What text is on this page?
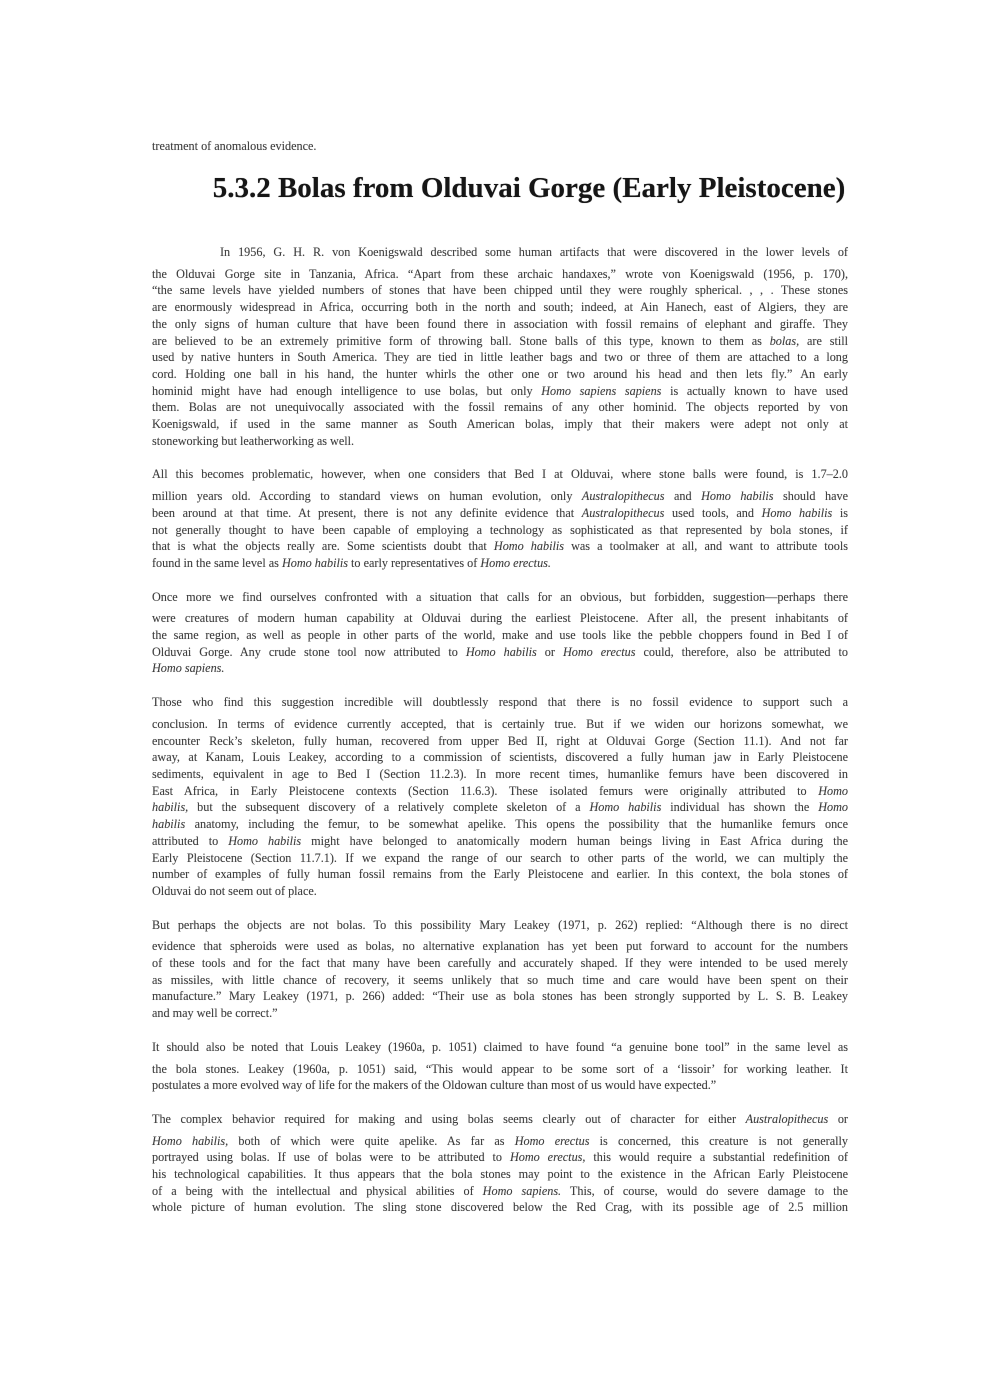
treatment of anomalous evidence.
5.3.2 Bolas from Olduvai Gorge (Early Pleistocene)
In 1956, G. H. R. von Koenigswald described some human artifacts that were discovered in the lower levels of
the Olduvai Gorge site in Tanzania, Africa. “Apart from these archaic handaxes,” wrote von Koenigswald (1956, p. 170),
“the same levels have yielded numbers of stones that have been chipped until they were roughly spherical. , , . These stones
are enormously widespread in Africa, occurring both in the north and south; indeed, at Ain Hanech, east of Algiers, they are
the only signs of human culture that have been found there in association with fossil remains of elephant and giraffe. They
are believed to be an extremely primitive form of throwing ball. Stone balls of this type, known to them as bolas, are still
used by native hunters in South America. They are tied in little leather bags and two or three of them are attached to a long
cord. Holding one ball in his hand, the hunter whirls the other one or two around his head and then lets fly.” An early
hominid might have had enough intelligence to use bolas, but only Homo sapiens sapiens is actually known to have used
them. Bolas are not unequivocally associated with the fossil remains of any other hominid. The objects reported by von
Koenigswald, if used in the same manner as South American bolas, imply that their makers were adept not only at
stoneworking but leatherworking as well.
All this becomes problematic, however, when one considers that Bed I at Olduvai, where stone balls were found, is 1.7–2.0
million years old. According to standard views on human evolution, only Australopithecus and Homo habilis should have
been around at that time. At present, there is not any definite evidence that Australopithecus used tools, and Homo habilis is
not generally thought to have been capable of employing a technology as sophisticated as that represented by bola stones, if
that is what the objects really are. Some scientists doubt that Homo habilis was a toolmaker at all, and want to attribute tools
found in the same level as Homo habilis to early representatives of Homo erectus.
Once more we find ourselves confronted with a situation that calls for an obvious, but forbidden, suggestion—perhaps there
were creatures of modern human capability at Olduvai during the earliest Pleistocene. After all, the present inhabitants of
the same region, as well as people in other parts of the world, make and use tools like the pebble choppers found in Bed I of
Olduvai Gorge. Any crude stone tool now attributed to Homo habilis or Homo erectus could, therefore, also be attributed to
Homo sapiens.
Those who find this suggestion incredible will doubtlessly respond that there is no fossil evidence to support such a
conclusion. In terms of evidence currently accepted, that is certainly true. But if we widen our horizons somewhat, we
encounter Reck’s skeleton, fully human, recovered from upper Bed II, right at Olduvai Gorge (Section 11.1). And not far
away, at Kanam, Louis Leakey, according to a commission of scientists, discovered a fully human jaw in Early Pleistocene
sediments, equivalent in age to Bed I (Section 11.2.3). In more recent times, humanlike femurs have been discovered in
East Africa, in Early Pleistocene contexts (Section 11.6.3). These isolated femurs were originally attributed to Homo
habilis, but the subsequent discovery of a relatively complete skeleton of a Homo habilis individual has shown the Homo
habilis anatomy, including the femur, to be somewhat apelike. This opens the possibility that the humanlike femurs once
attributed to Homo habilis might have belonged to anatomically modern human beings living in East Africa during the
Early Pleistocene (Section 11.7.1). If we expand the range of our search to other parts of the world, we can multiply the
number of examples of fully human fossil remains from the Early Pleistocene and earlier. In this context, the bola stones of
Olduvai do not seem out of place.
But perhaps the objects are not bolas. To this possibility Mary Leakey (1971, p. 262) replied: “Although there is no direct
evidence that spheroids were used as bolas, no alternative explanation has yet been put forward to account for the numbers
of these tools and for the fact that many have been carefully and accurately shaped. If they were intended to be used merely
as missiles, with little chance of recovery, it seems unlikely that so much time and care would have been spent on their
manufacture.” Mary Leakey (1971, p. 266) added: “Their use as bola stones has been strongly supported by L. S. B. Leakey
and may well be correct.”
It should also be noted that Louis Leakey (1960a, p. 1051) claimed to have found “a genuine bone tool” in the same level as
the bola stones. Leakey (1960a, p. 1051) said, “This would appear to be some sort of a ‘lissoir’ for working leather. It
postulates a more evolved way of life for the makers of the Oldowan culture than most of us would have expected.”
The complex behavior required for making and using bolas seems clearly out of character for either Australopithecus or
Homo habilis, both of which were quite apelike. As far as Homo erectus is concerned, this creature is not generally
portrayed using bolas. If use of bolas were to be attributed to Homo erectus, this would require a substantial redefinition of
his technological capabilities. It thus appears that the bola stones may point to the existence in the African Early Pleistocene
of a being with the intellectual and physical abilities of Homo sapiens. This, of course, would do severe damage to the
whole picture of human evolution. The sling stone discovered below the Red Crag, with its possible age of 2.5 million
